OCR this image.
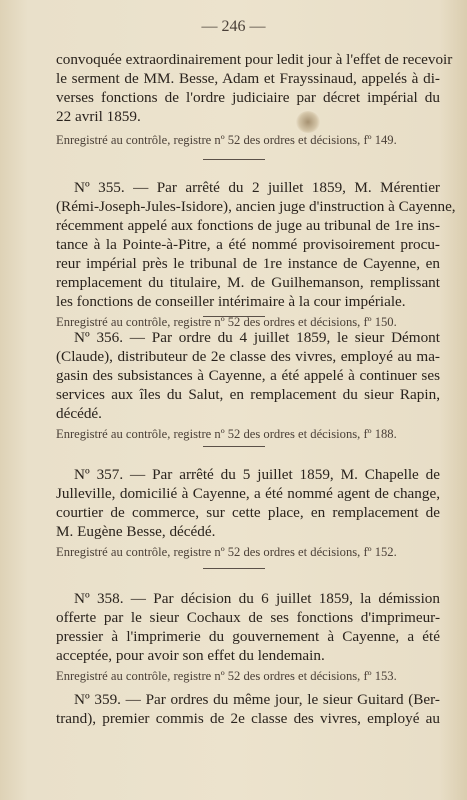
— 246 —
convoquée extraordinairement pour ledit jour à l'effet de recevoir
le serment de MM. Besse, Adam et Frayssinaud, appelés à di-
verses fonctions de l'ordre judiciaire par décret impérial du
22 avril 1859.
Enregistré au contrôle, registre nº 52 des ordres et décisions, fº 149.
Nº 355. — Par arrêté du 2 juillet 1859, M. Mérentier
(Rémi-Joseph-Jules-Isidore), ancien juge d'instruction à Cayenne,
récemment appelé aux fonctions de juge au tribunal de 1re ins-
tance à la Pointe-à-Pitre, a été nommé provisoirement procu-
reur impérial près le tribunal de 1re instance de Cayenne, en
remplacement du titulaire, M. de Guilhemanson, remplissant
les fonctions de conseiller intérimaire à la cour impériale.
Enregistré au contrôle, registre nº 52 des ordres et décisions, fº 150.
Nº 356. — Par ordre du 4 juillet 1859, le sieur Démont
(Claude), distributeur de 2e classe des vivres, employé au ma-
gasin des subsistances à Cayenne, a été appelé à continuer ses
services aux îles du Salut, en remplacement du sieur Rapin,
décédé.
Enregistré au contrôle, registre nº 52 des ordres et décisions, fº 188.
Nº 357. — Par arrêté du 5 juillet 1859, M. Chapelle de
Julleville, domicilié à Cayenne, a été nommé agent de change,
courtier de commerce, sur cette place, en remplacement de
M. Eugène Besse, décédé.
Enregistré au contrôle, registre nº 52 des ordres et décisions, fº 152.
Nº 358. — Par décision du 6 juillet 1859, la démission
offerte par le sieur Cochaux de ses fonctions d'imprimeur-
pressier à l'imprimerie du gouvernement à Cayenne, a été
acceptée, pour avoir son effet du lendemain.
Enregistré au contrôle, registre nº 52 des ordres et décisions, fº 153.
Nº 359. — Par ordres du même jour, le sieur Guitard (Ber-
trand), premier commis de 2e classe des vivres, employé au
